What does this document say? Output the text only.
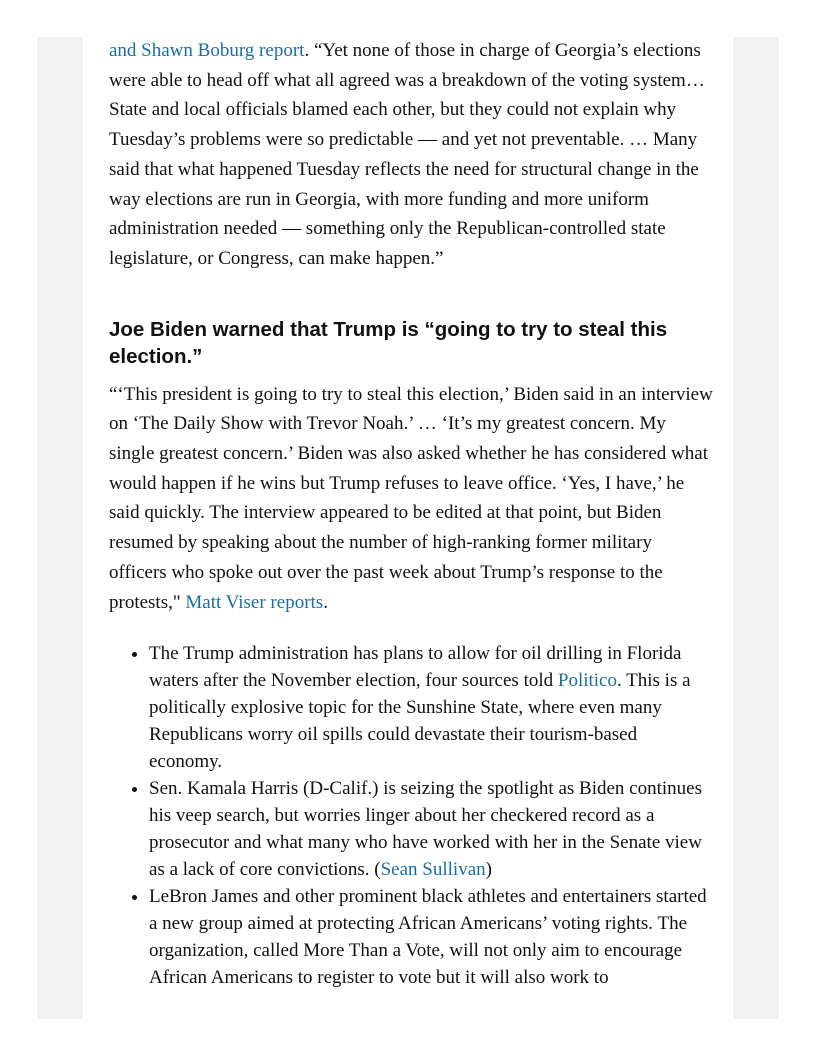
and Shawn Boburg report. “Yet none of those in charge of Georgia’s elections were able to head off what all agreed was a breakdown of the voting system… State and local officials blamed each other, but they could not explain why Tuesday’s problems were so predictable — and yet not preventable. … Many said that what happened Tuesday reflects the need for structural change in the way elections are run in Georgia, with more funding and more uniform administration needed — something only the Republican-controlled state legislature, or Congress, can make happen.”

Joe Biden warned that Trump is “going to try to steal this election.”

“‘This president is going to try to steal this election,’ Biden said in an interview on ‘The Daily Show with Trevor Noah.’ … ‘It’s my greatest concern. My single greatest concern.’ Biden was also asked whether he has considered what would happen if he wins but Trump refuses to leave office. ‘Yes, I have,’ he said quickly. The interview appeared to be edited at that point, but Biden resumed by speaking about the number of high-ranking former military officers who spoke out over the past week about Trump’s response to the protests," Matt Viser reports.

• The Trump administration has plans to allow for oil drilling in Florida waters after the November election, four sources told Politico. This is a politically explosive topic for the Sunshine State, where even many Republicans worry oil spills could devastate their tourism-based economy.
• Sen. Kamala Harris (D-Calif.) is seizing the spotlight as Biden continues his veep search, but worries linger about her checkered record as a prosecutor and what many who have worked with her in the Senate view as a lack of core convictions. (Sean Sullivan)
• LeBron James and other prominent black athletes and entertainers started a new group aimed at protecting African Americans’ voting rights. The organization, called More Than a Vote, will not only aim to encourage African Americans to register to vote but it will also work to
